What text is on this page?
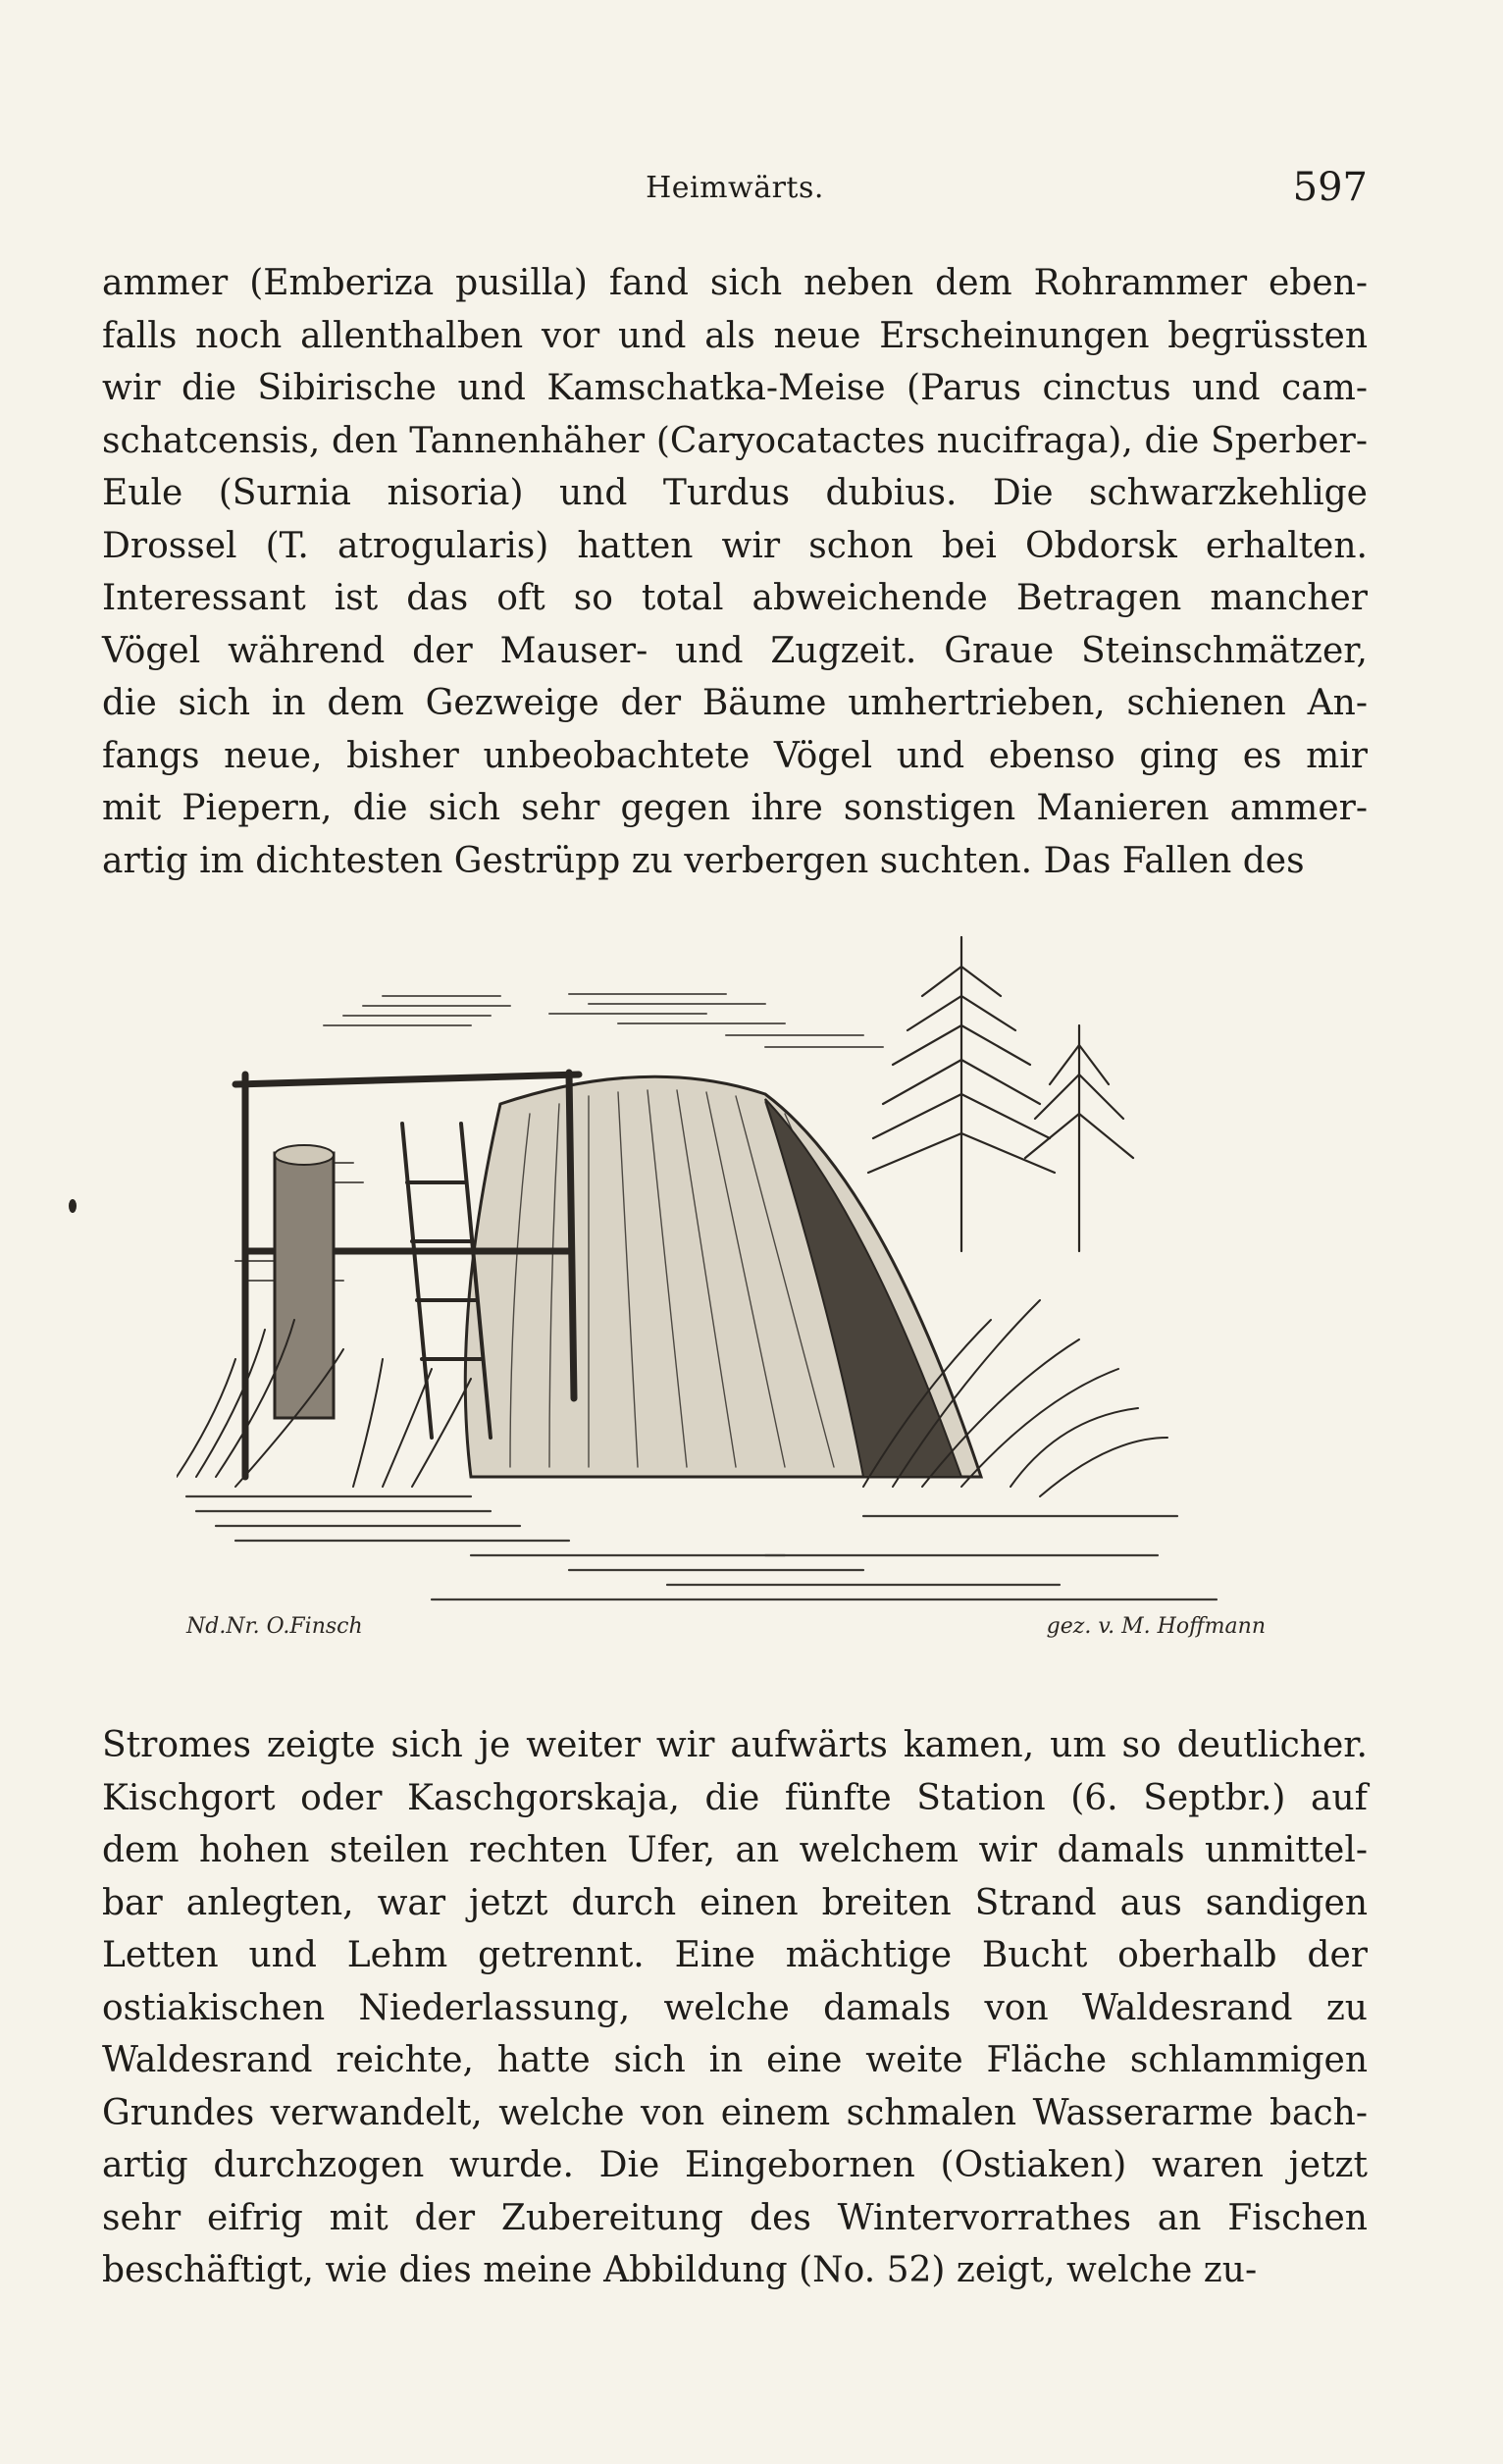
Heimwärts.	597
ammer (Emberiza pusilla) fand sich neben dem Rohrammer eben-
falls noch allenthalben vor und als neue Erscheinungen begrüssten
wir die Sibirische und Kamschatka-Meise (Parus cinctus und cam-
schatcensis, den Tannenhäher (Caryocatactes nucifraga), die Sperber-
Eule (Surnia nisoria) und Turdus dubius. Die schwarzkehlige
Drossel (T. atrogularis) hatten wir schon bei Obdorsk erhalten.
Interessant ist das oft so total abweichende Betragen mancher
Vögel während der Mauser- und Zugzeit. Graue Steinschmätzer,
die sich in dem Gezweige der Bäume umhertrieben, schienen An-
fangs neue, bisher unbeobachtete Vögel und ebenso ging es mir
mit Piepern, die sich sehr gegen ihre sonstigen Manieren ammer-
artig im dichtesten Gestrüpp zu verbergen suchten. Das Fallen des
Nd.Nr. O.Finsch	gez. v. M. Hoffmann
Stromes zeigte sich je weiter wir aufwärts kamen, um so deutlicher.
Kischgort oder Kaschgorskaja, die fünfte Station (6. Septbr.) auf
dem hohen steilen rechten Ufer, an welchem wir damals unmittel-
bar anlegten, war jetzt durch einen breiten Strand aus sandigen
Letten und Lehm getrennt. Eine mächtige Bucht oberhalb der
ostiakischen Niederlassung, welche damals von Waldesrand zu
Waldesrand reichte, hatte sich in eine weite Fläche schlammigen
Grundes verwandelt, welche von einem schmalen Wasserarme bach-
artig durchzogen wurde. Die Eingebornen (Ostiaken) waren jetzt
sehr eifrig mit der Zubereitung des Wintervorrathes an Fischen
beschäftigt, wie dies meine Abbildung (No. 52) zeigt, welche zu-
